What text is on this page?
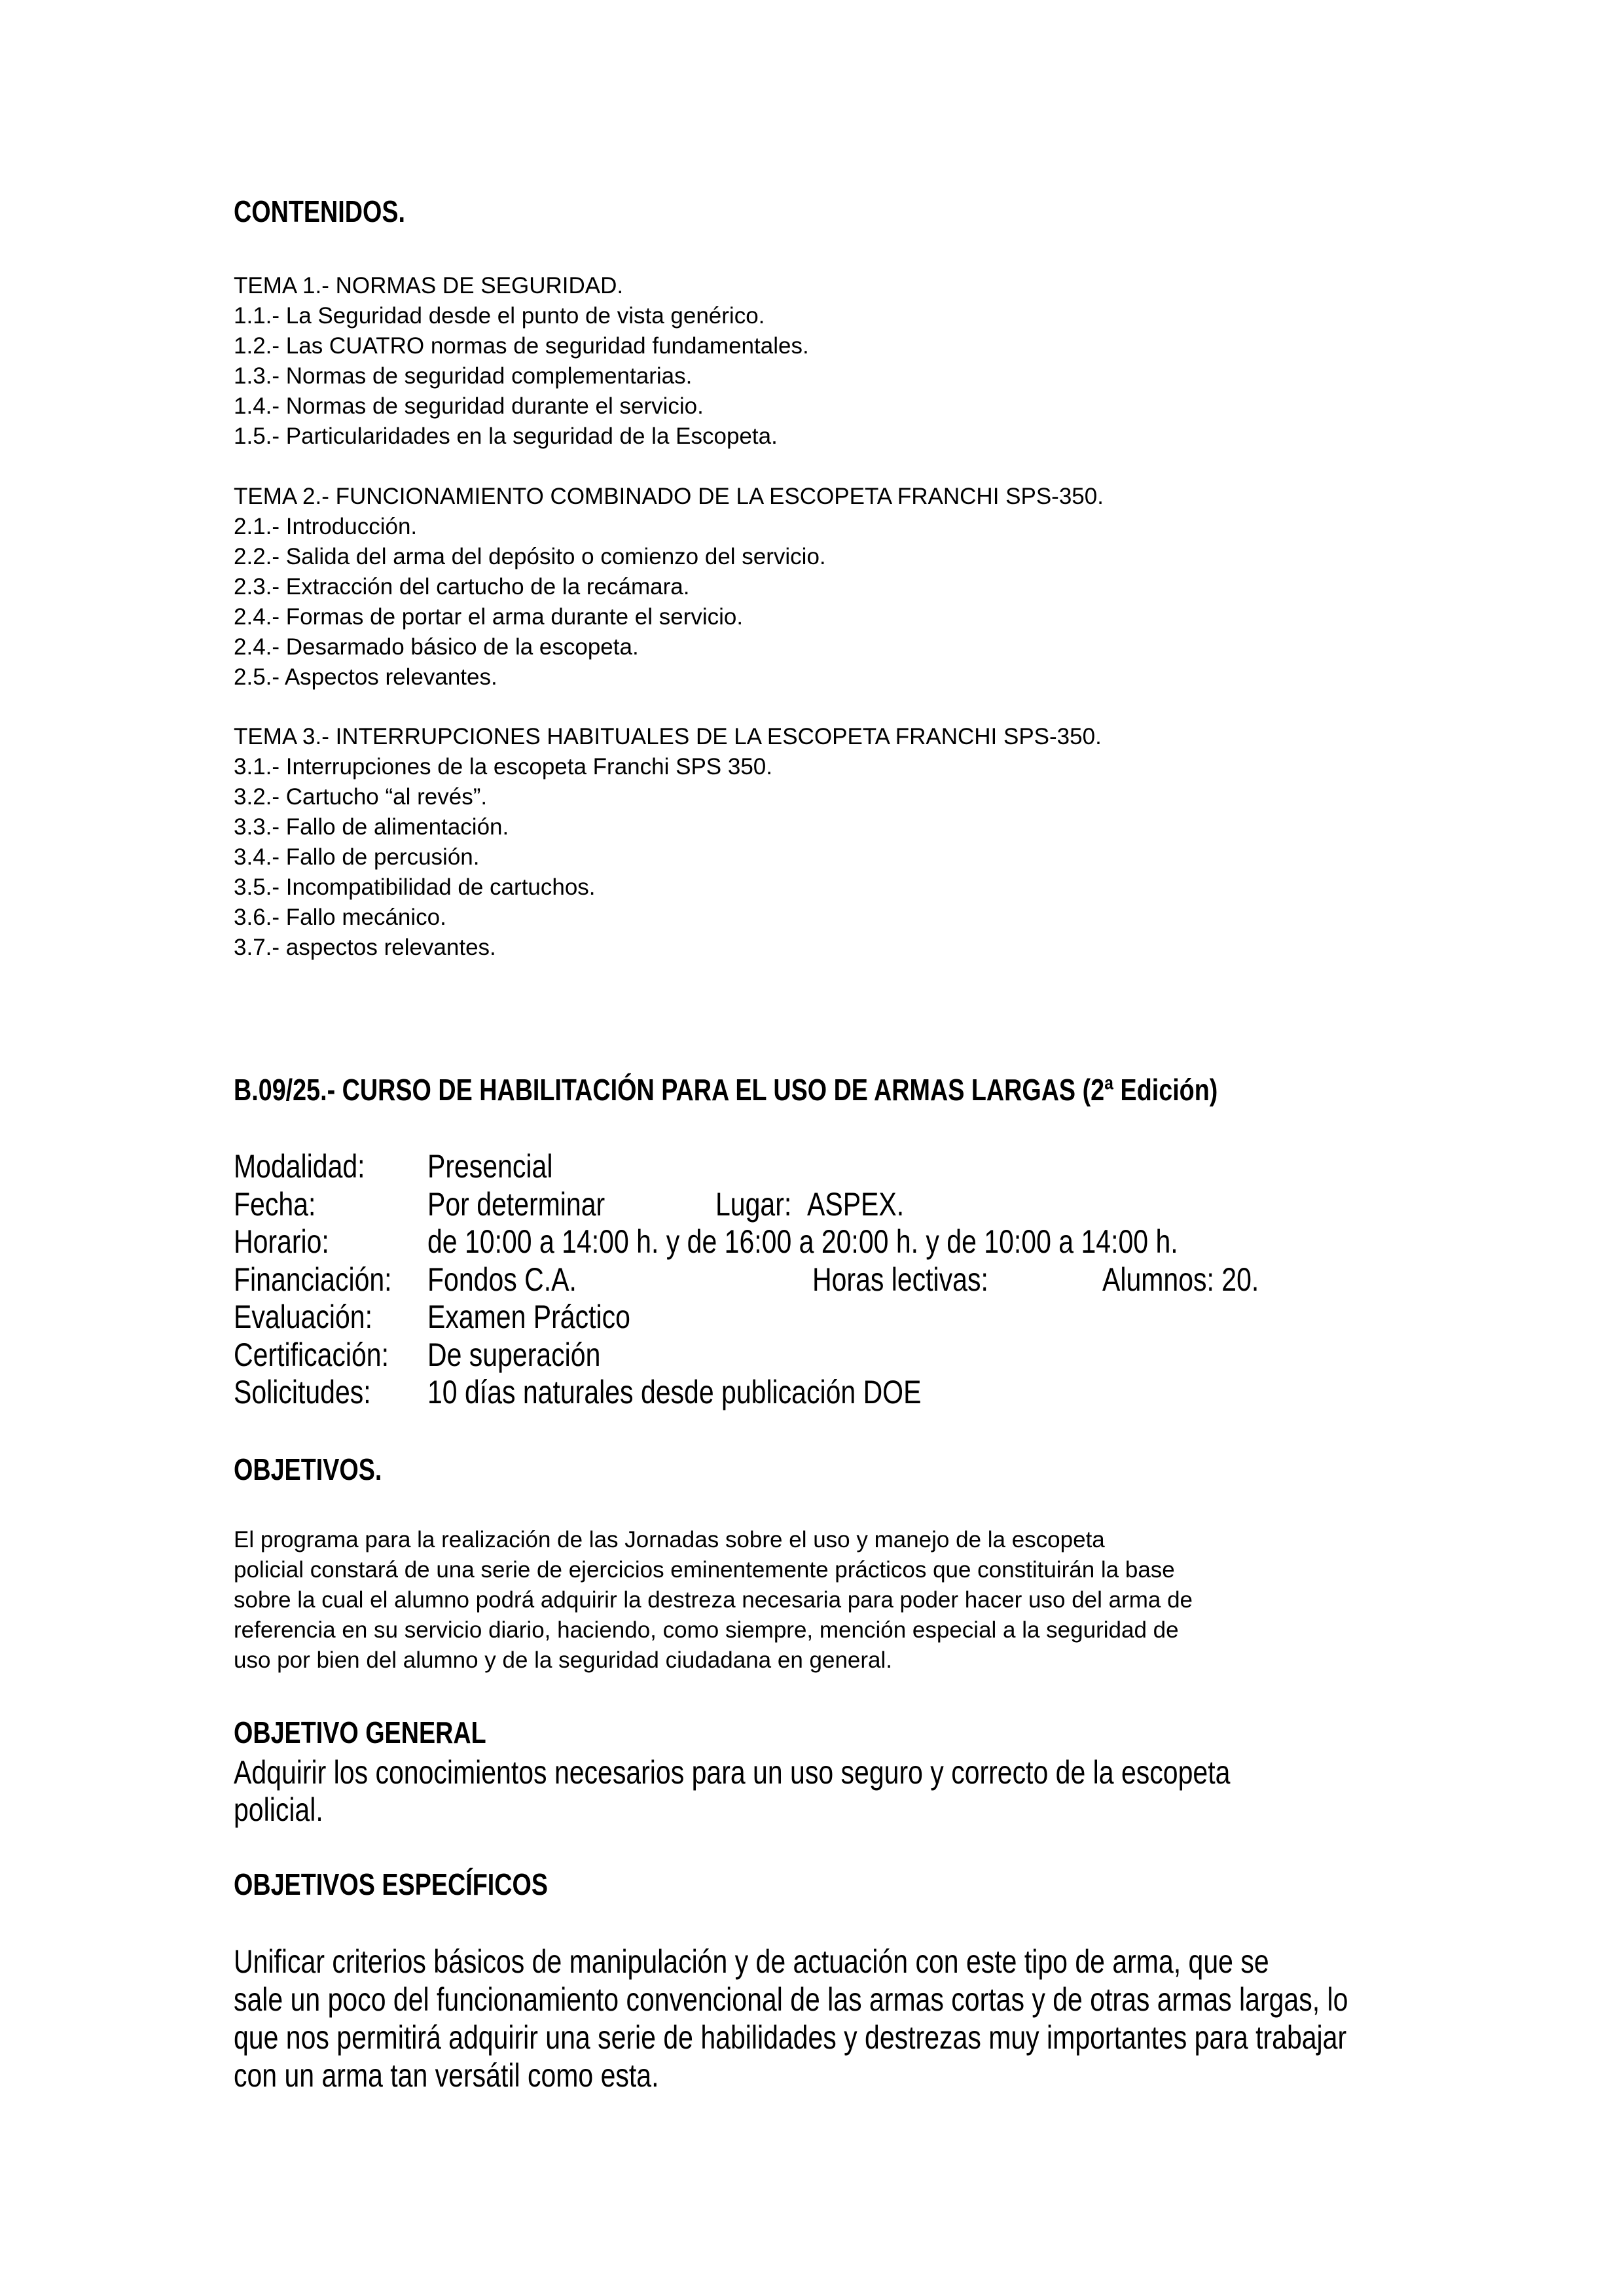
CONTENIDOS.
TEMA 1.- NORMAS DE SEGURIDAD.
1.1.- La Seguridad desde el punto de vista genérico.
1.2.- Las CUATRO normas de seguridad fundamentales.
1.3.- Normas de seguridad complementarias.
1.4.- Normas de seguridad durante el servicio.
1.5.- Particularidades en la seguridad de la Escopeta.
TEMA 2.- FUNCIONAMIENTO COMBINADO DE LA ESCOPETA FRANCHI SPS-350.
2.1.- Introducción.
2.2.- Salida del arma del depósito o comienzo del servicio.
2.3.- Extracción del cartucho de la recámara.
2.4.- Formas de portar el arma durante el servicio.
2.4.- Desarmado básico de la escopeta.
2.5.- Aspectos relevantes.
TEMA 3.- INTERRUPCIONES HABITUALES DE LA ESCOPETA FRANCHI SPS-350.
3.1.- Interrupciones de la escopeta Franchi SPS 350.
3.2.- Cartucho “al revés”.
3.3.- Fallo de alimentación.
3.4.- Fallo de percusión.
3.5.- Incompatibilidad de cartuchos.
3.6.- Fallo mecánico.
3.7.- aspectos relevantes.
B.09/25.- CURSO DE HABILITACIÓN PARA EL USO DE ARMAS LARGAS (2ª Edición)
Modalidad: Presencial
Fecha:	Por determinar	Lugar: ASPEX.
Horario:	de 10:00 a 14:00 h. y de 16:00 a 20:00 h. y de 10:00 a 14:00 h.
Financiación: Fondos C.A.	Horas lectivas:	Alumnos: 20.
Evaluación: Examen Práctico
Certificación: De superación
Solicitudes: 10 días naturales desde publicación DOE
OBJETIVOS.
El programa para la realización de las Jornadas sobre el uso y manejo de la escopeta
policial constará de una serie de ejercicios eminentemente prácticos que constituirán la base
sobre la cual el alumno podrá adquirir la destreza necesaria para poder hacer uso del arma de
referencia en su servicio diario, haciendo, como siempre, mención especial a la seguridad de
uso por bien del alumno y de la seguridad ciudadana en general.
OBJETIVO GENERAL
Adquirir los conocimientos necesarios para un uso seguro y correcto de la escopeta
policial.
OBJETIVOS ESPECÍFICOS
Unificar criterios básicos de manipulación y de actuación con este tipo de arma, que se
sale un poco del funcionamiento convencional de las armas cortas y de otras armas largas, lo
que nos permitirá adquirir una serie de habilidades y destrezas muy importantes para trabajar
con un arma tan versátil como esta.
